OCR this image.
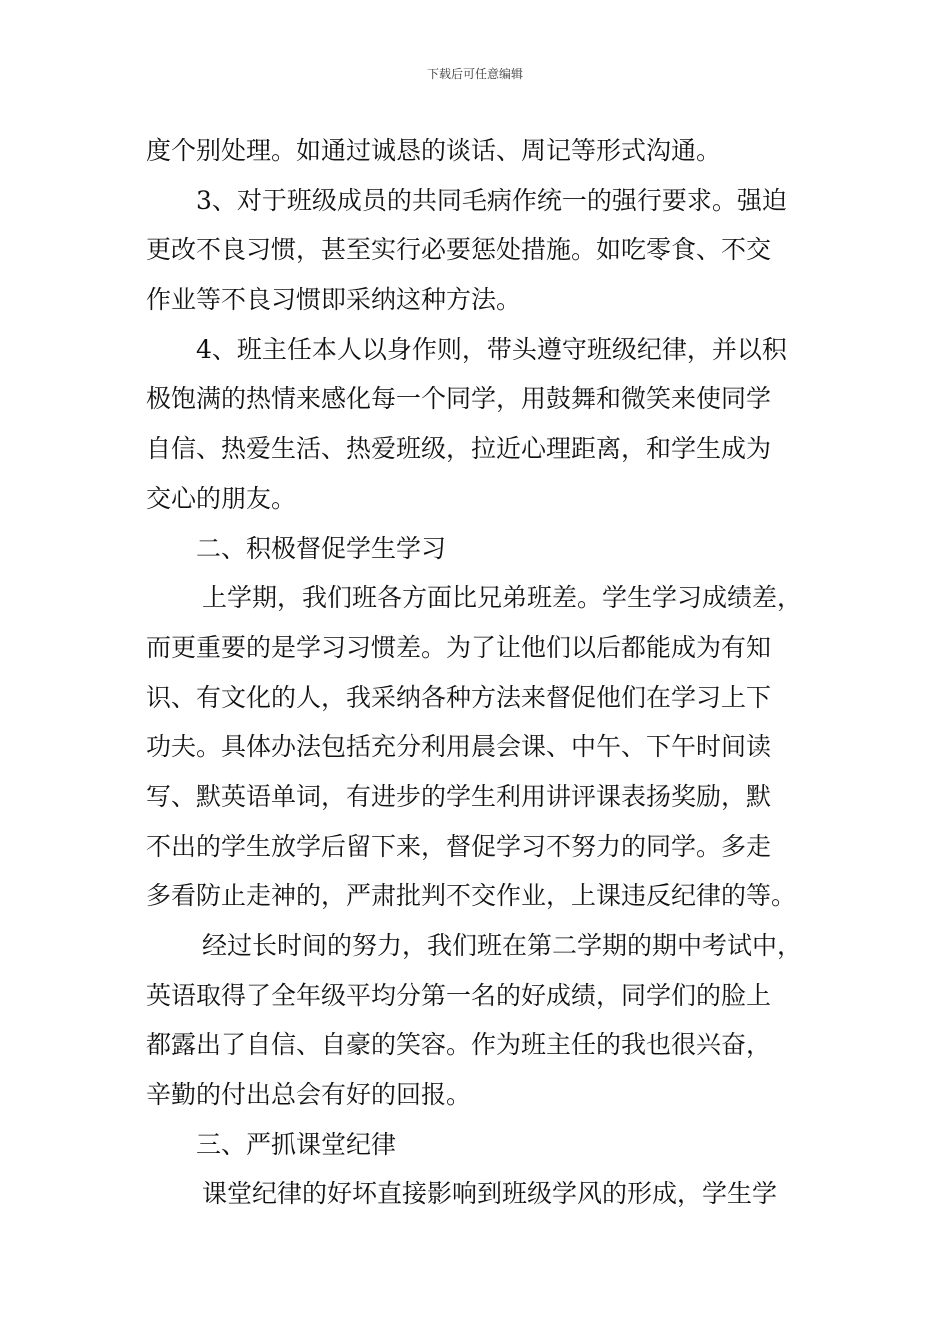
下载后可任意编辑
度个别处理。如通过诚恳的谈话、周记等形式沟通。
3、对于班级成员的共同毛病作统一的强行要求。强迫
更改不良习惯，甚至实行必要惩处措施。如吃零食、不交
作业等不良习惯即采纳这种方法。
4、班主任本人以身作则，带头遵守班级纪律，并以积
极饱满的热情来感化每一个同学，用鼓舞和微笑来使同学
自信、热爱生活、热爱班级，拉近心理距离，和学生成为
交心的朋友。
二、积极督促学生学习
上学期，我们班各方面比兄弟班差。学生学习成绩差，
而更重要的是学习习惯差。为了让他们以后都能成为有知
识、有文化的人，我采纳各种方法来督促他们在学习上下
功夫。具体办法包括充分利用晨会课、中午、下午时间读
写、默英语单词，有进步的学生利用讲评课表扬奖励，默
不出的学生放学后留下来，督促学习不努力的同学。多走
多看防止走神的，严肃批判不交作业，上课违反纪律的等。
经过长时间的努力，我们班在第二学期的期中考试中，
英语取得了全年级平均分第一名的好成绩，同学们的脸上
都露出了自信、自豪的笑容。作为班主任的我也很兴奋，
辛勤的付出总会有好的回报。
三、严抓课堂纪律
课堂纪律的好坏直接影响到班级学风的形成，学生学
